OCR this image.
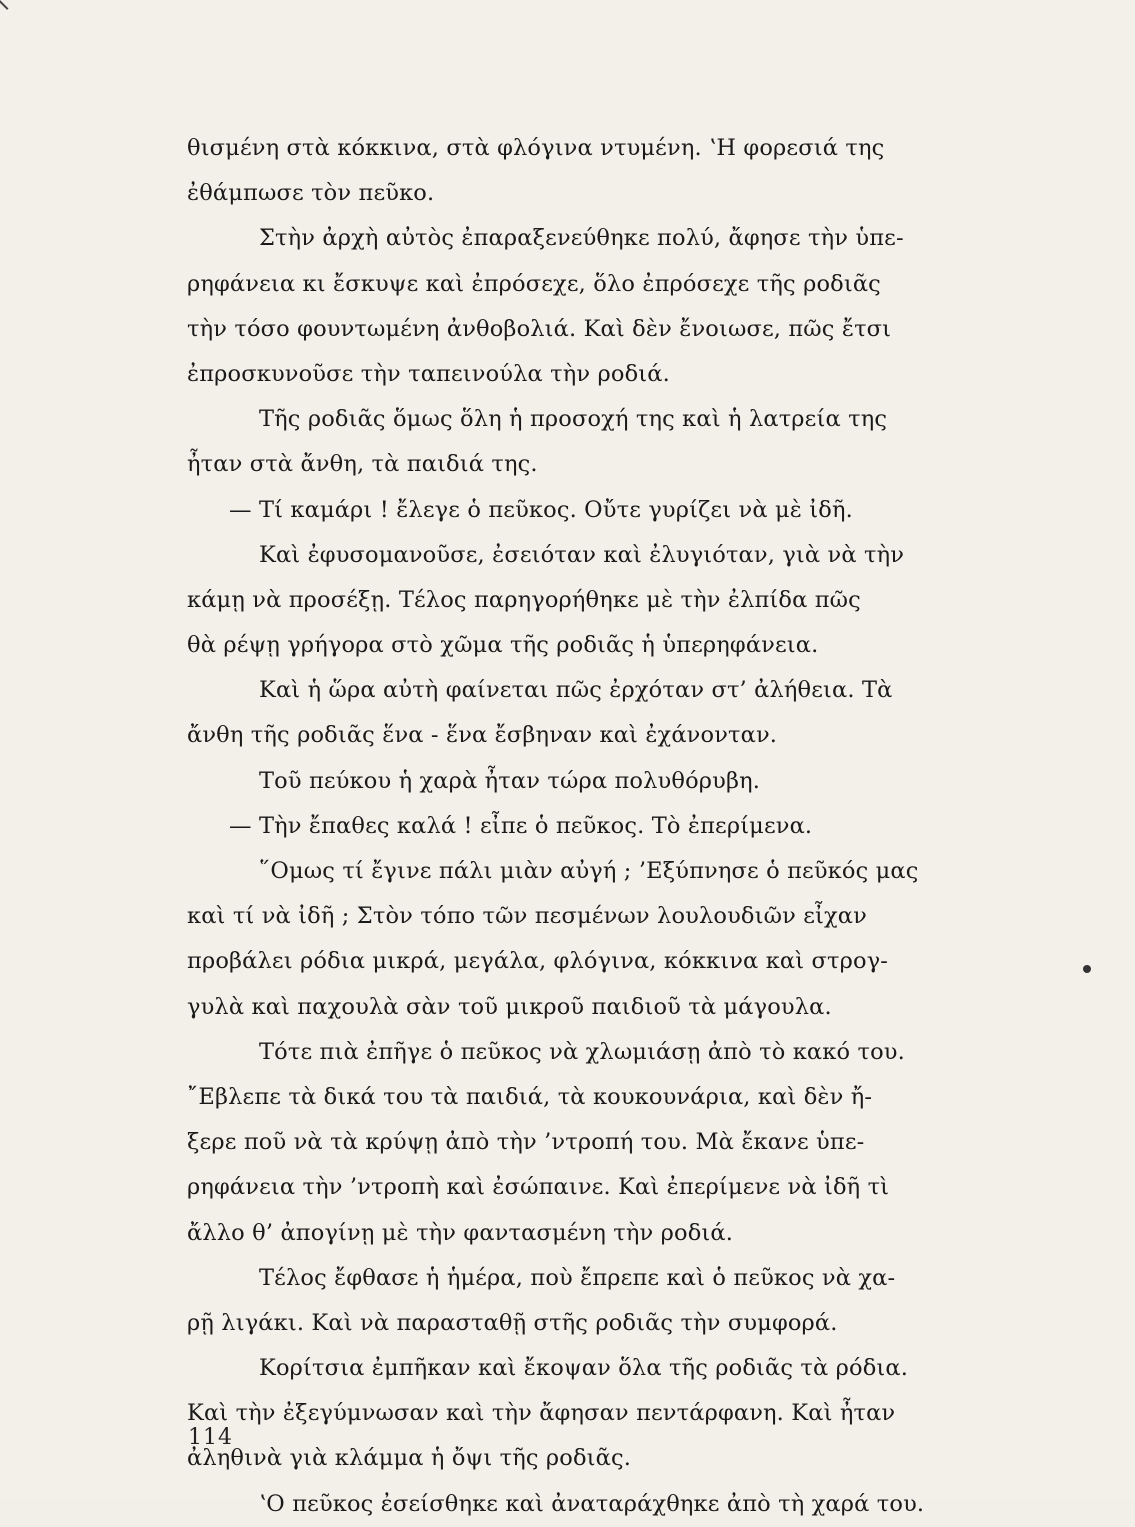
θισμένη στὰ κόκκινα, στὰ φλόγινα ντυμένη. ʽΗ φορεσιά της
ἐθάμπωσε τὸν πεῦκο.
Στὴν ἀρχὴ αὐτὸς ἐπαραξενεύθηκε πολύ, ἄφησε τὴν ὑπε-
ρηφάνεια κι ἔσκυψε καὶ ἐπρόσεχε, ὅλο ἐπρόσεχε τῆς ροδιᾶς
τὴν τόσο φουντωμένη ἀνθοβολιά. Καὶ δὲν ἔνοιωσε, πῶς ἔτσι
ἐπροσκυνοῦσε τὴν ταπεινούλα τὴν ροδιά.
Τῆς ροδιᾶς ὅμως ὅλη ἡ προσοχή της καὶ ἡ λατρεία της
ἦταν στὰ ἄνθη, τὰ παιδιά της.
— Τί καμάρι ! ἔλεγε ὁ πεῦκος. Οὔτε γυρίζει νὰ μὲ ἰδῆ.
Καὶ ἐφυσομανοῦσε, ἐσειόταν καὶ ἐλυγιόταν, γιὰ νὰ τὴν
κάμῃ νὰ προσέξῃ. Τέλος παρηγορήθηκε μὲ τὴν ἐλπίδα πῶς
θὰ ρέψῃ γρήγορα στὸ χῶμα τῆς ροδιᾶς ἡ ὑπερηφάνεια.
Καὶ ἡ ὥρα αὐτὴ φαίνεται πῶς ἐρχόταν στ’ ἀλήθεια. Τὰ
ἄνθη τῆς ροδιᾶς ἕνα - ἕνα ἔσβηναν καὶ ἐχάνονταν.
Τοῦ πεύκου ἡ χαρὰ ἦταν τώρα πολυθόρυβη.
— Τὴν ἔπαθες καλά ! εἶπε ὁ πεῦκος. Τὸ ἐπερίμενα.
῞Ομως τί ἔγινε πάλι μιὰν αὐγή ; ’Εξύπνησε ὁ πεῦκός μας
καὶ τί νὰ ἰδῆ ; Στὸν τόπο τῶν πεσμένων λουλουδιῶν εἶχαν
προβάλει ρόδια μικρά, μεγάλα, φλόγινα, κόκκινα καὶ στρογ-
γυλὰ καὶ παχουλὰ σὰν τοῦ μικροῦ παιδιοῦ τὰ μάγουλα.
Τότε πιὰ ἐπῆγε ὁ πεῦκος νὰ χλωμιάσῃ ἀπὸ τὸ κακό του.
῎Εβλεπε τὰ δικά του τὰ παιδιά, τὰ κουκουνάρια, καὶ δὲν ἤ-
ξερε ποῦ νὰ τὰ κρύψῃ ἀπὸ τὴν ’ντροπή του. Μὰ ἔκανε ὑπε-
ρηφάνεια τὴν ’ντροπὴ καὶ ἐσώπαινε. Καὶ ἐπερίμενε νὰ ἰδῆ τὶ
ἄλλο θ’ ἀπογίνῃ μὲ τὴν φαντασμένη τὴν ροδιά.
Τέλος ἔφθασε ἡ ἡμέρα, ποὺ ἔπρεπε καὶ ὁ πεῦκος νὰ χα-
ρῇ λιγάκι. Καὶ νὰ παρασταθῇ στῆς ροδιᾶς τὴν συμφορά.
Κορίτσια ἐμπῆκαν καὶ ἔκοψαν ὅλα τῆς ροδιᾶς τὰ ρόδια.
Καὶ τὴν ἐξεγύμνωσαν καὶ τὴν ἄφησαν πεντάρφανη. Καὶ ἦταν
ἀληθινὰ γιὰ κλάμμα ἡ ὄψι τῆς ροδιᾶς.
ʽΟ πεῦκος ἐσείσθηκε καὶ ἀναταράχθηκε ἀπὸ τὴ χαρά του.
114
